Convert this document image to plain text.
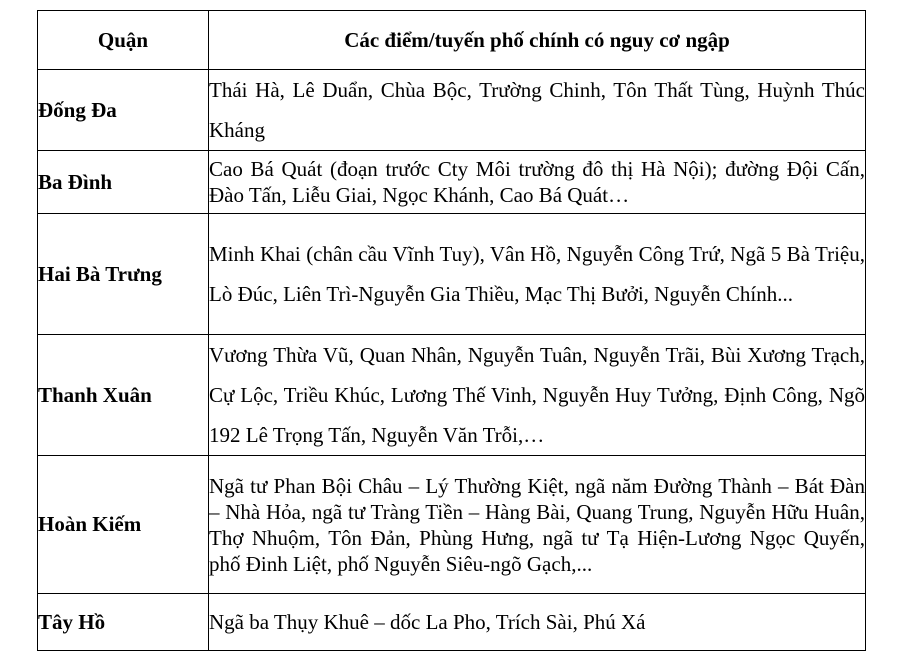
Quận	Các điểm/tuyến phố chính có nguy cơ ngập
Đống Đa	Thái Hà, Lê Duẩn, Chùa Bộc, Trường Chinh, Tôn Thất Tùng, Huỳnh Thúc Kháng
Ba Đình	Cao Bá Quát (đoạn trước Cty Môi trường đô thị Hà Nội); đường Đội Cấn, Đào Tấn, Liễu Giai, Ngọc Khánh, Cao Bá Quát…
Hai Bà Trưng	Minh Khai (chân cầu Vĩnh Tuy), Vân Hồ, Nguyễn Công Trứ, Ngã 5 Bà Triệu, Lò Đúc, Liên Trì-Nguyễn Gia Thiều, Mạc Thị Bưởi, Nguyễn Chính...
Thanh Xuân	Vương Thừa Vũ, Quan Nhân, Nguyễn Tuân, Nguyễn Trãi, Bùi Xương Trạch, Cự Lộc, Triều Khúc, Lương Thế Vinh, Nguyễn Huy Tưởng, Định Công, Ngõ 192 Lê Trọng Tấn, Nguyễn Văn Trỗi,…
Hoàn Kiếm	Ngã tư Phan Bội Châu – Lý Thường Kiệt, ngã năm Đường Thành – Bát Đàn – Nhà Hỏa, ngã tư Tràng Tiền – Hàng Bài, Quang Trung, Nguyễn Hữu Huân, Thợ Nhuộm, Tôn Đản, Phùng Hưng, ngã tư Tạ Hiện-Lương Ngọc Quyến, phố Đinh Liệt, phố Nguyễn Siêu-ngõ Gạch,...
Tây Hồ	Ngã ba Thụy Khuê – dốc La Pho, Trích Sài, Phú Xá
